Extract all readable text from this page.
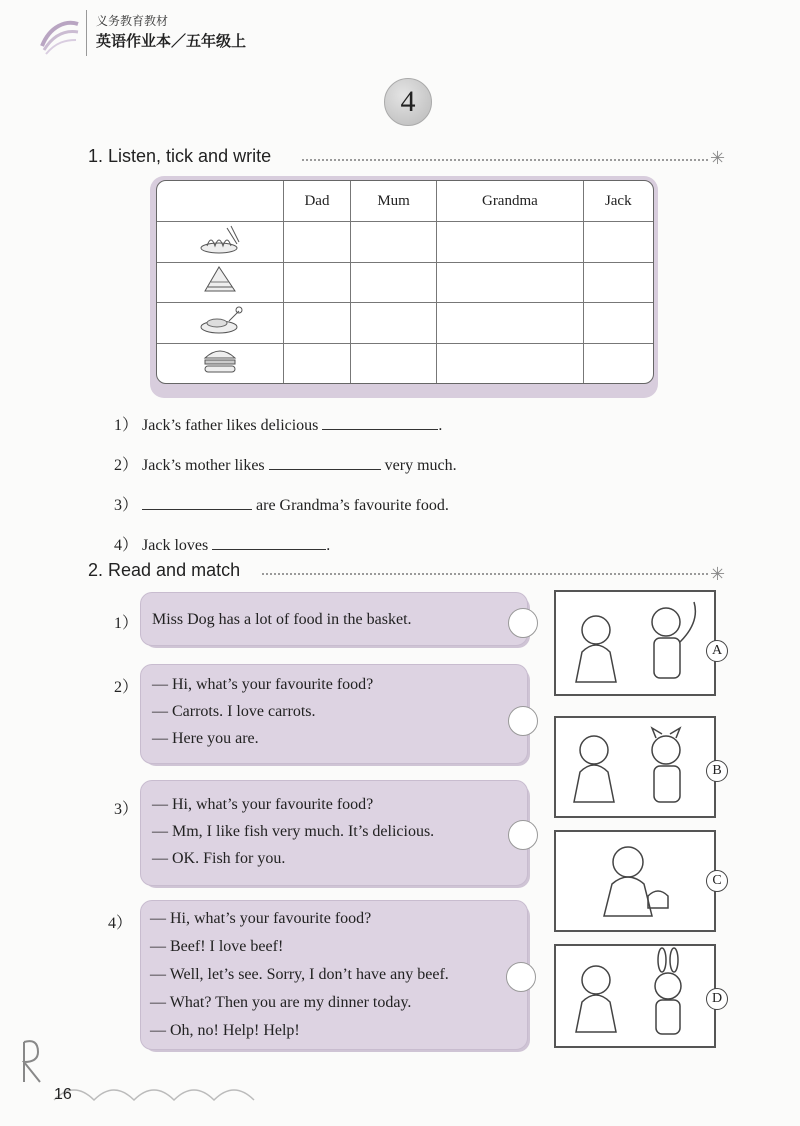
义务教育教材
英语作业本／五年级上
4
1. Listen, tick and write	✳
	Dad	Mum	Grandma	Jack

1） Jack’s father likes delicious	.
2） Jack’s mother likes	very much.
3）	are Grandma’s favourite food.
4） Jack loves	.
2. Read and match	✳
1） Miss Dog has a lot of food in the basket.
2） — Hi, what’s your favourite food?
— Carrots. I love carrots.
— Here you are.
3） — Hi, what’s your favourite food?
— Mm, I like fish very much. It’s delicious.
— OK. Fish for you.
4） — Hi, what’s your favourite food?
— Beef! I love beef!
— Well, let’s see. Sorry, I don’t have any beef.
— What? Then you are my dinner today.
— Oh, no! Help! Help!
A
B
C
D
16
